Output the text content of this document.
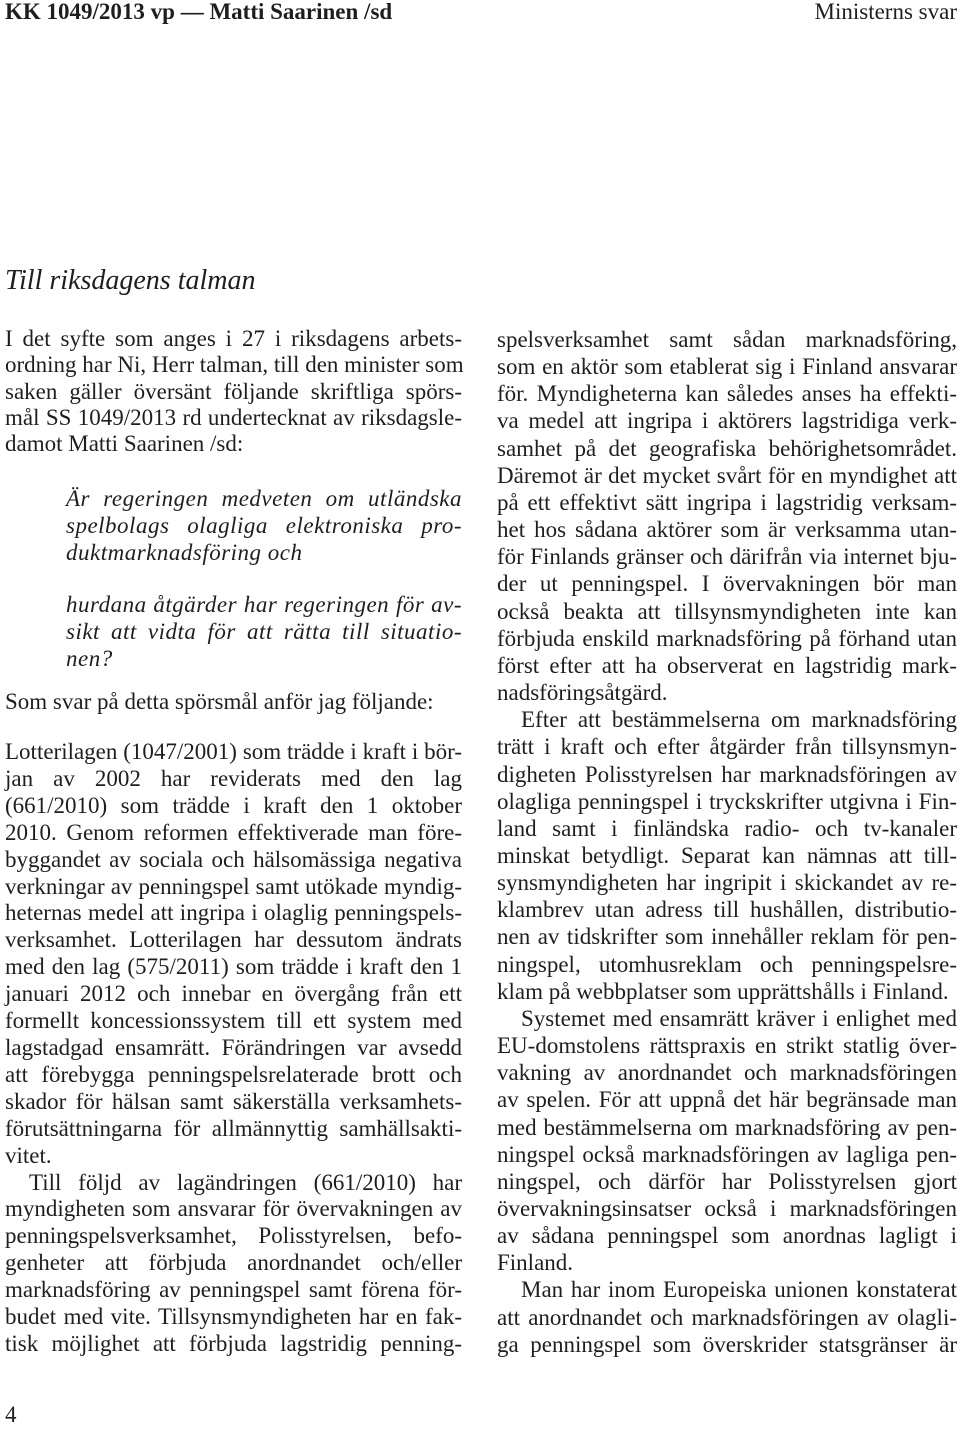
KK 1049/2013 vp — Matti Saarinen /sd	Ministerns svar
Till riksdagens talman
I det syfte som anges i 27 i riksdagens arbets-
ordning har Ni, Herr talman, till den minister som
saken gäller översänt följande skriftliga spörs-
mål SS 1049/2013 rd undertecknat av riksdagsle-
damot Matti Saarinen /sd:
Är regeringen medveten om utländska
spelbolags olagliga elektroniska pro-
duktmarknadsföring och
hurdana åtgärder har regeringen för av-
sikt att vidta för att rätta till situatio-
nen?
Som svar på detta spörsmål anför jag följande:
Lotterilagen (1047/2001) som trädde i kraft i bör-
jan av 2002 har reviderats med den lag
(661/2010) som trädde i kraft den 1 oktober
2010. Genom reformen effektiverade man före-
byggandet av sociala och hälsomässiga negativa
verkningar av penningspel samt utökade myndig-
heternas medel att ingripa i olaglig penningspels-
verksamhet. Lotterilagen har dessutom ändrats
med den lag (575/2011) som trädde i kraft den 1
januari 2012 och innebar en övergång från ett
formellt koncessionssystem till ett system med
lagstadgad ensamrätt. Förändringen var avsedd
att förebygga penningspelsrelaterade brott och
skador för hälsan samt säkerställa verksamhets-
förutsättningarna för allmännyttig samhällsakti-
vitet.
Till följd av lagändringen (661/2010) har
myndigheten som ansvarar för övervakningen av
penningspelsverksamhet, Polisstyrelsen, befo-
genheter att förbjuda anordnandet och/eller
marknadsföring av penningspel samt förena för-
budet med vite. Tillsynsmyndigheten har en fak-
tisk möjlighet att förbjuda lagstridig penning-
spelsverksamhet samt sådan marknadsföring,
som en aktör som etablerat sig i Finland ansvarar
för. Myndigheterna kan således anses ha effekti-
va medel att ingripa i aktörers lagstridiga verk-
samhet på det geografiska behörighetsområdet.
Däremot är det mycket svårt för en myndighet att
på ett effektivt sätt ingripa i lagstridig verksam-
het hos sådana aktörer som är verksamma utan-
för Finlands gränser och därifrån via internet bju-
der ut penningspel. I övervakningen bör man
också beakta att tillsynsmyndigheten inte kan
förbjuda enskild marknadsföring på förhand utan
först efter att ha observerat en lagstridig mark-
nadsföringsåtgärd.
Efter att bestämmelserna om marknadsföring
trätt i kraft och efter åtgärder från tillsynsmyn-
digheten Polisstyrelsen har marknadsföringen av
olagliga penningspel i tryckskrifter utgivna i Fin-
land samt i finländska radio- och tv-kanaler
minskat betydligt. Separat kan nämnas att till-
synsmyndigheten har ingripit i skickandet av re-
klambrev utan adress till hushållen, distributio-
nen av tidskrifter som innehåller reklam för pen-
ningspel, utomhusreklam och penningspelsre-
klam på webbplatser som upprättshålls i Finland.
Systemet med ensamrätt kräver i enlighet med
EU-domstolens rättspraxis en strikt statlig över-
vakning av anordnandet och marknadsföringen
av spelen. För att uppnå det här begränsade man
med bestämmelserna om marknadsföring av pen-
ningspel också marknadsföringen av lagliga pen-
ningspel, och därför har Polisstyrelsen gjort
övervakningsinsatser också i marknadsföringen
av sådana penningspel som anordnas lagligt i
Finland.
Man har inom Europeiska unionen konstaterat
att anordnandet och marknadsföringen av olagli-
ga penningspel som överskrider statsgränser är
4
